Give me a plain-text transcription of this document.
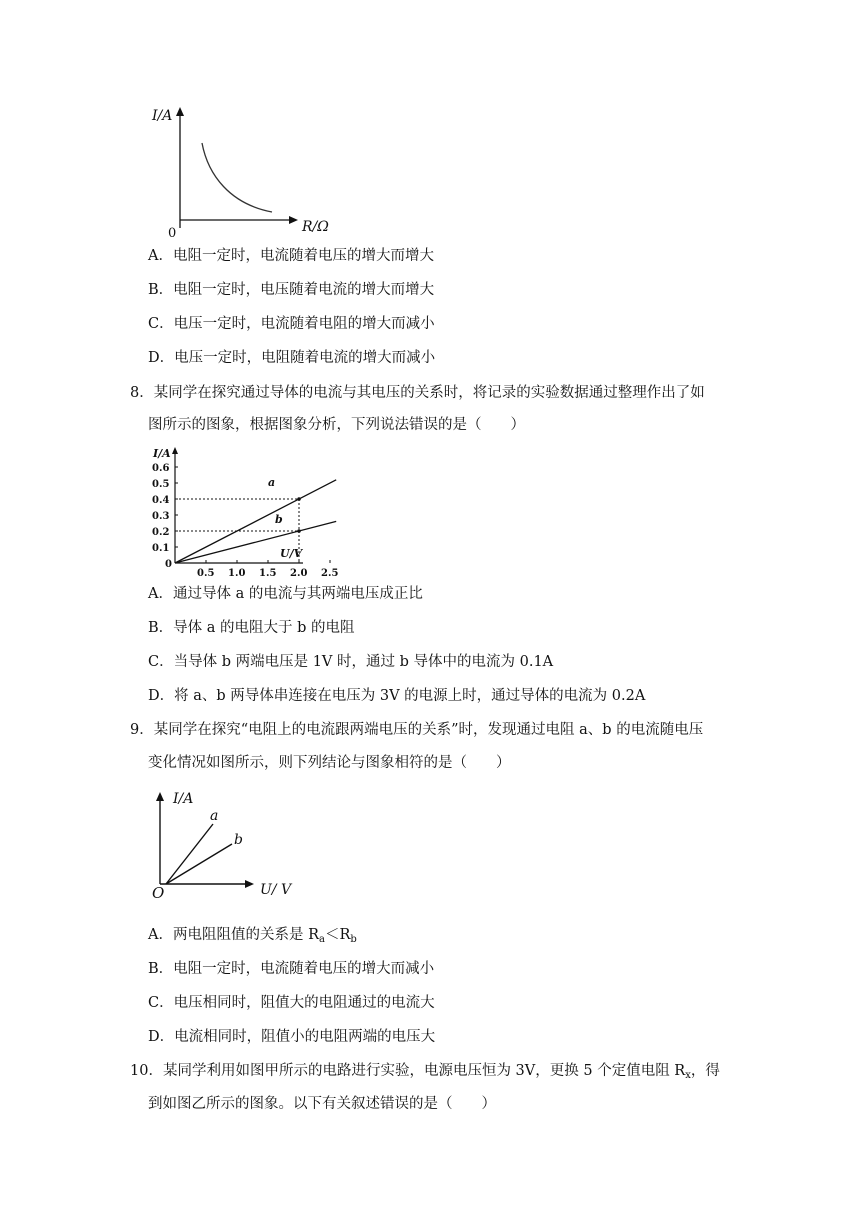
I/A
0	R/Ω
A．电阻一定时，电流随着电压的增大而增大
B．电阻一定时，电压随着电流的增大而增大
C．电压一定时，电流随着电阻的增大而减小
D．电压一定时，电阻随着电流的增大而减小
8．某同学在探究通过导体的电流与其电压的关系时，将记录的实验数据通过整理作出了如
图所示的图象，根据图象分析，下列说法错误的是（　　）
I/A
0.6
0.5
0.4
0.3
0.2
0.1
0.5 1.0 1.5 2.0 2.5
0
U/V
a
b
A．通过导体 a 的电流与其两端电压成正比
B．导体 a 的电阻大于 b 的电阻
C．当导体 b 两端电压是 1V 时，通过 b 导体中的电流为 0.1A
D．将 a、b 两导体串连接在电压为 3V 的电源上时，通过导体的电流为 0.2A
9．某同学在探究“电阻上的电流跟两端电压的关系”时，发现通过电阻 a、b 的电流随电压
变化情况如图所示，则下列结论与图象相符的是（　　）
I/A
O	U/ V
a
b
A．两电阻阻值的关系是 $R_a<R_b$
B．电阻一定时，电流随着电压的增大而减小
C．电压相同时，阻值大的电阻通过的电流大
D．电流相同时，阻值小的电阻两端的电压大
10．某同学利用如图甲所示的电路进行实验，电源电压恒为 3V，更换 5 个定值电阻 $R_x$，得
到如图乙所示的图象。以下有关叙述错误的是（　　）
